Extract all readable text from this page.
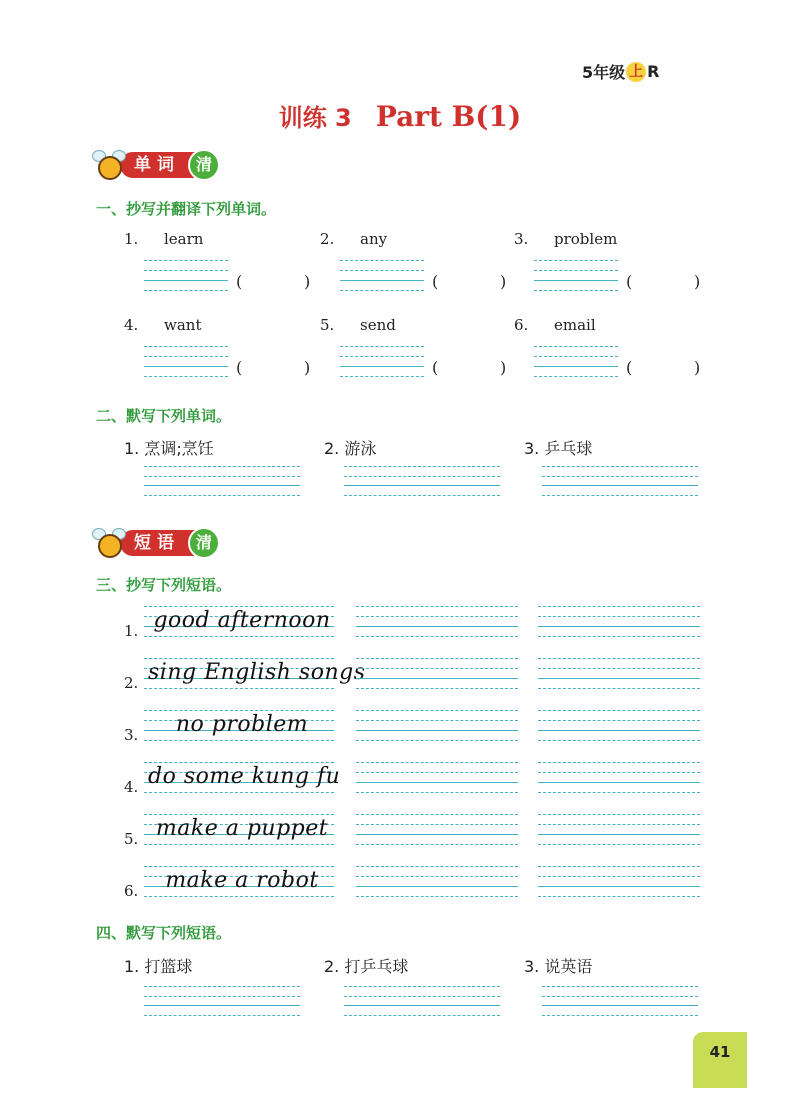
5年级 上 R
训练 3 Part B(1)
单词 清
一、抄写并翻译下列单词。
1. learn
(	)
2. any
(	)
3. problem
(	)
4. want
(	)
5. send
(	)
6. email
(	)
二、默写下列单词。
1. 烹调;烹饪	2. 游泳	3. 乒乓球
短语 清
三、抄写下列短语。
1. good afternoon
2. sing English songs
3.	no problem
4. do some kung fu
5. make a puppet
6.	make a robot
四、默写下列短语。
1. 打篮球	2. 打乒乓球	3. 说英语
41
